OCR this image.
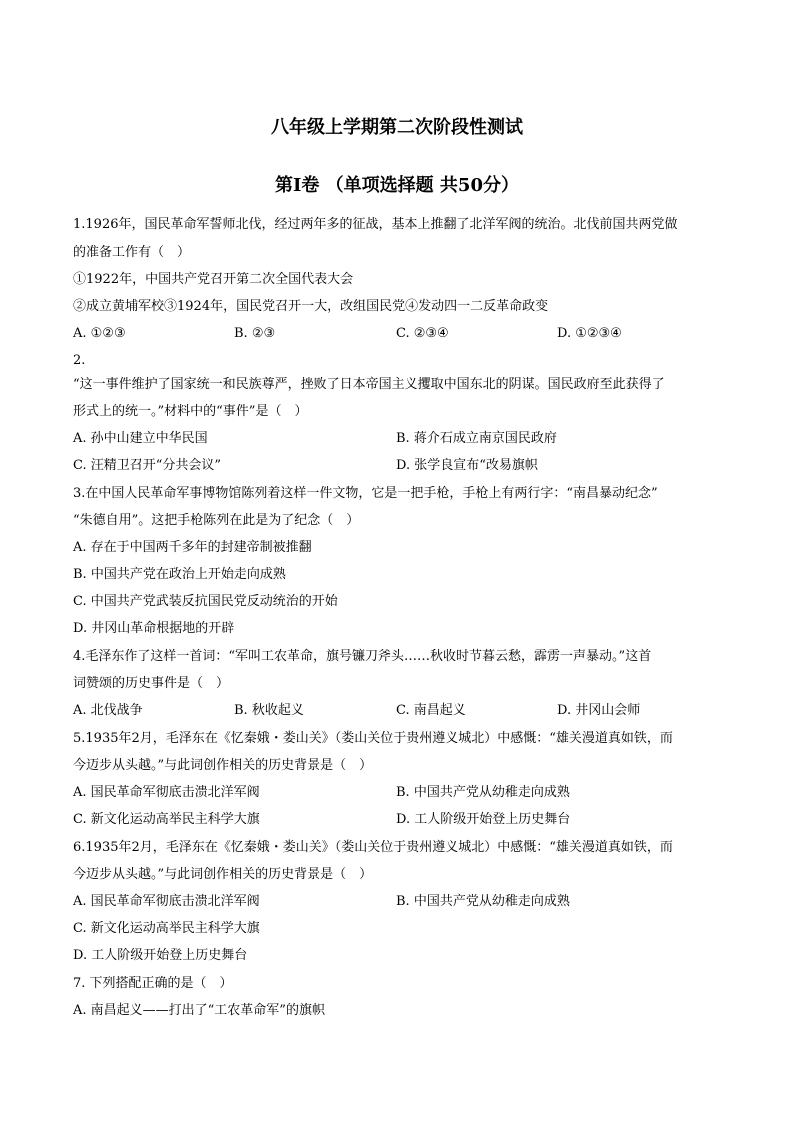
八年级上学期第二次阶段性测试
第I卷 （单项选择题 共50分）
1.1926年，国民革命军誓师北伐，经过两年多的征战，基本上推翻了北洋军阀的统治。北伐前国共两党做
的准备工作有（　）
①1922年，中国共产党召开第二次全国代表大会
②成立黄埔军校③1924年，国民党召开一大，改组国民党④发动四一二反革命政变
A. ①②③	B. ②③	C. ②③④	D. ①②③④
2.
“这一事件维护了国家统一和民族尊严，挫败了日本帝国主义攫取中国东北的阴谋。国民政府至此获得了
形式上的统一。”材料中的“事件”是（　）
A. 孙中山建立中华民国	B. 蒋介石成立南京国民政府
C. 汪精卫召开“分共会议”	D. 张学良宣布“改易旗帜
3.在中国人民革命军事博物馆陈列着这样一件文物，它是一把手枪，手枪上有两行字：“南昌暴动纪念”
“朱德自用”。这把手枪陈列在此是为了纪念（　）
A. 存在于中国两千多年的封建帝制被推翻
B. 中国共产党在政治上开始走向成熟
C. 中国共产党武装反抗国民党反动统治的开始
D. 井冈山革命根据地的开辟
4.毛泽东作了这样一首词：“军叫工农革命，旗号镰刀斧头……秋收时节暮云愁，霹雳一声暴动。”这首
词赞颂的历史事件是（　）
A. 北伐战争	B. 秋收起义	C. 南昌起义	D. 井冈山会师
5.1935年2月，毛泽东在《忆秦娥・娄山关》（娄山关位于贵州遵义城北）中感慨：“雄关漫道真如铁，而
今迈步从头越。”与此词创作相关的历史背景是（　）
A. 国民革命军彻底击溃北洋军阀	B. 中国共产党从幼稚走向成熟
C. 新文化运动高举民主科学大旗	D. 工人阶级开始登上历史舞台
6.1935年2月，毛泽东在《忆秦娥・娄山关》（娄山关位于贵州遵义城北）中感慨：“雄关漫道真如铁，而
今迈步从头越。”与此词创作相关的历史背景是（　）
A. 国民革命军彻底击溃北洋军阀	B. 中国共产党从幼稚走向成熟
C. 新文化运动高举民主科学大旗
D. 工人阶级开始登上历史舞台
7. 下列搭配正确的是（　）
A. 南昌起义——打出了“工农革命军”的旗帜
